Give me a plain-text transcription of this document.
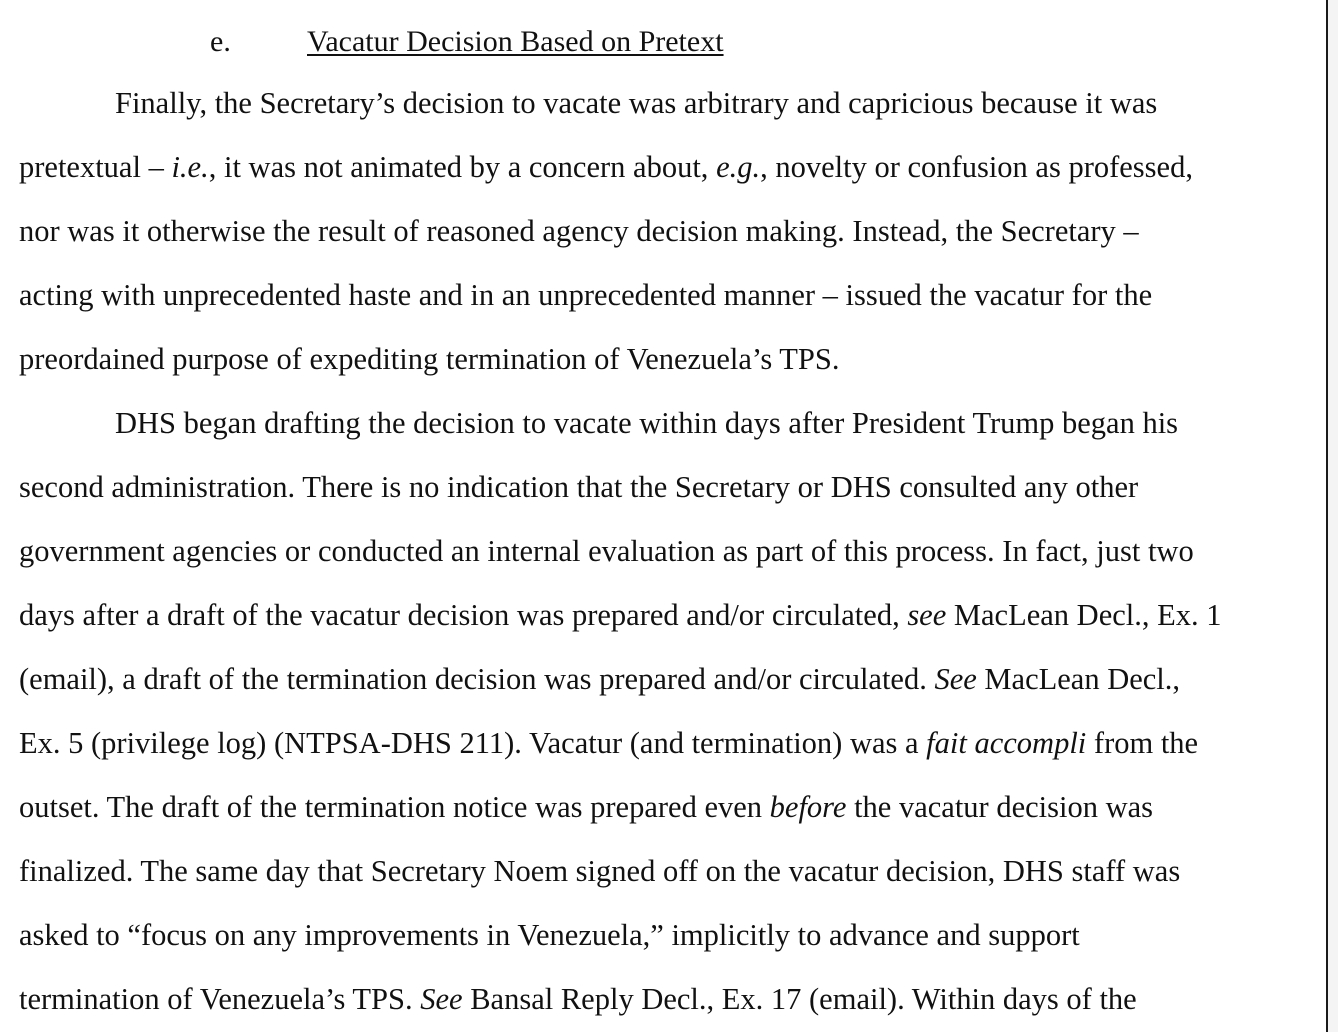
e.	Vacatur Decision Based on Pretext
Finally, the Secretary’s decision to vacate was arbitrary and capricious because it was
pretextual – i.e., it was not animated by a concern about, e.g., novelty or confusion as professed,
nor was it otherwise the result of reasoned agency decision making. Instead, the Secretary –
acting with unprecedented haste and in an unprecedented manner – issued the vacatur for the
preordained purpose of expediting termination of Venezuela’s TPS.
DHS began drafting the decision to vacate within days after President Trump began his
second administration. There is no indication that the Secretary or DHS consulted any other
government agencies or conducted an internal evaluation as part of this process. In fact, just two
days after a draft of the vacatur decision was prepared and/or circulated, see MacLean Decl., Ex. 1
(email), a draft of the termination decision was prepared and/or circulated. See MacLean Decl.,
Ex. 5 (privilege log) (NTPSA-DHS 211). Vacatur (and termination) was a fait accompli from the
outset. The draft of the termination notice was prepared even before the vacatur decision was
finalized. The same day that Secretary Noem signed off on the vacatur decision, DHS staff was
asked to “focus on any improvements in Venezuela,” implicitly to advance and support
termination of Venezuela’s TPS. See Bansal Reply Decl., Ex. 17 (email). Within days of the
